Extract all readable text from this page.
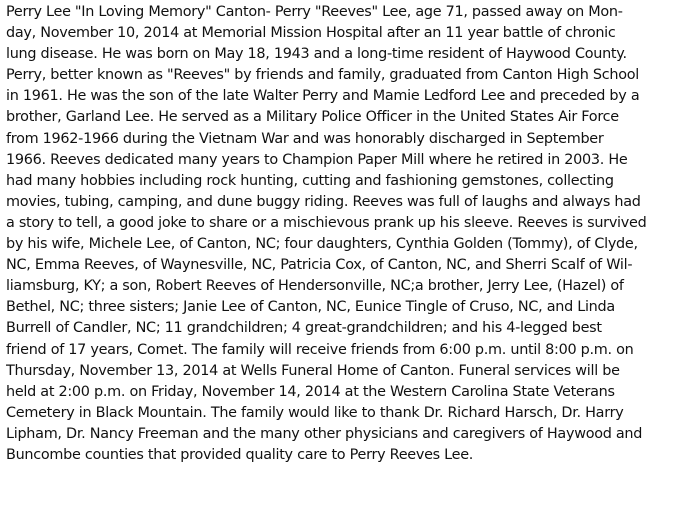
Perry Lee "In Loving Memory" Canton- Perry "Reeves" Lee, age 71, passed away on Mon-
day, November 10, 2014 at Memorial Mission Hospital after an 11 year battle of chronic
lung disease. He was born on May 18, 1943 and a long-time resident of Haywood County.
Perry, better known as "Reeves" by friends and family, graduated from Canton High School
in 1961. He was the son of the late Walter Perry and Mamie Ledford Lee and preceded by a
brother, Garland Lee. He served as a Military Police Officer in the United States Air Force
from 1962-1966 during the Vietnam War and was honorably discharged in September
1966. Reeves dedicated many years to Champion Paper Mill where he retired in 2003. He
had many hobbies including rock hunting, cutting and fashioning gemstones, collecting
movies, tubing, camping, and dune buggy riding. Reeves was full of laughs and always had
a story to tell, a good joke to share or a mischievous prank up his sleeve. Reeves is survived
by his wife, Michele Lee, of Canton, NC; four daughters, Cynthia Golden (Tommy), of Clyde,
NC, Emma Reeves, of Waynesville, NC, Patricia Cox, of Canton, NC, and Sherri Scalf of Wil-
liamsburg, KY; a son, Robert Reeves of Hendersonville, NC;a brother, Jerry Lee, (Hazel) of
Bethel, NC; three sisters; Janie Lee of Canton, NC, Eunice Tingle of Cruso, NC, and Linda
Burrell of Candler, NC; 11 grandchildren; 4 great-grandchildren; and his 4-legged best
friend of 17 years, Comet. The family will receive friends from 6:00 p.m. until 8:00 p.m. on
Thursday, November 13, 2014 at Wells Funeral Home of Canton. Funeral services will be
held at 2:00 p.m. on Friday, November 14, 2014 at the Western Carolina State Veterans
Cemetery in Black Mountain. The family would like to thank Dr. Richard Harsch, Dr. Harry
Lipham, Dr. Nancy Freeman and the many other physicians and caregivers of Haywood and
Buncombe counties that provided quality care to Perry Reeves Lee.
